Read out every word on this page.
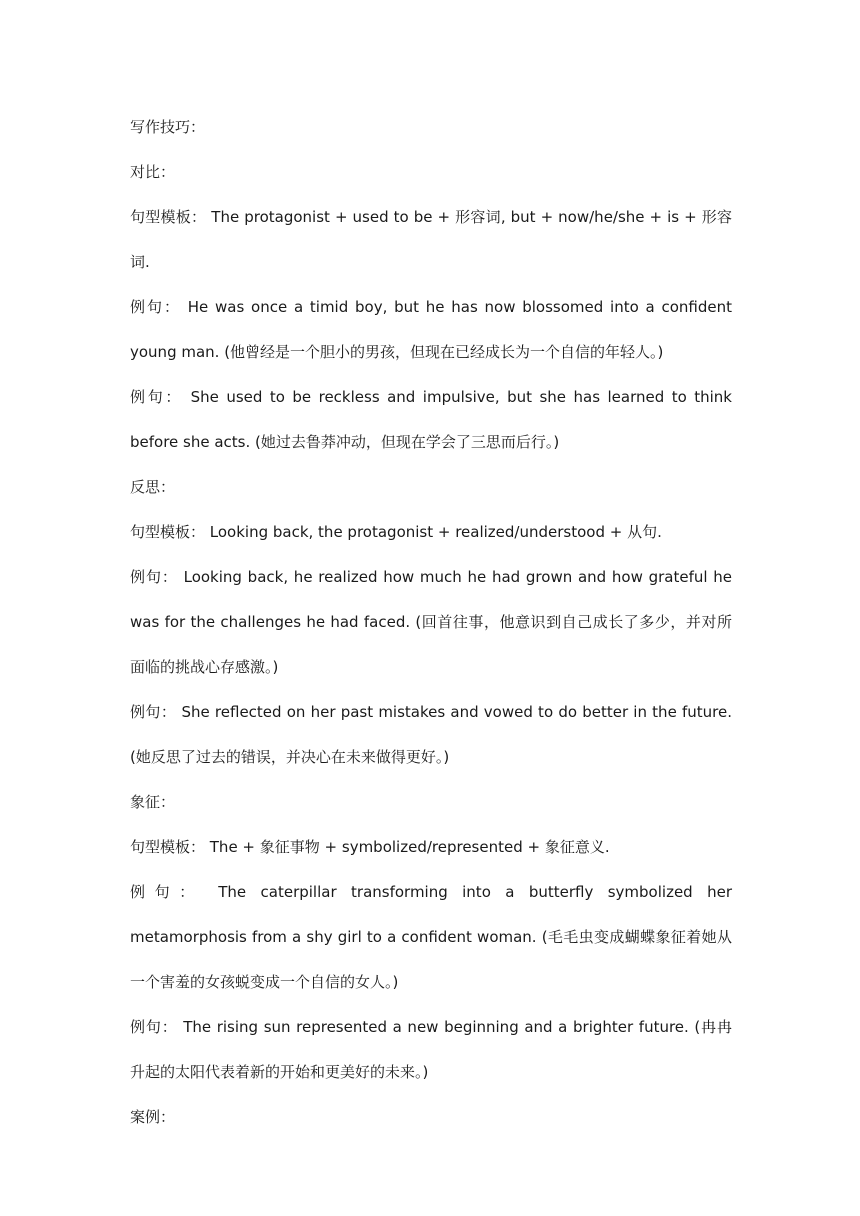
写作技巧：

对比：

句型模板： The protagonist + used to be + 形容词, but + now/he/she + is + 形容词.

例句： He was once a timid boy, but he has now blossomed into a confident young man. (他曾经是一个胆小的男孩，但现在已经成长为一个自信的年轻人。)

例句： She used to be reckless and impulsive, but she has learned to think before she acts. (她过去鲁莽冲动，但现在学会了三思而后行。)

反思：

句型模板： Looking back, the protagonist + realized/understood + 从句.

例句： Looking back, he realized how much he had grown and how grateful he was for the challenges he had faced. (回首往事，他意识到自己成长了多少，并对所面临的挑战心存感激。)

例句： She reflected on her past mistakes and vowed to do better in the future. (她反思了过去的错误，并决心在未来做得更好。)

象征：

句型模板： The + 象征事物 + symbolized/represented + 象征意义.

例句： The caterpillar transforming into a butterfly symbolized her metamorphosis from a shy girl to a confident woman. (毛毛虫变成蝴蝶象征着她从一个害羞的女孩蜕变成一个自信的女人。)

例句： The rising sun represented a new beginning and a brighter future. (冉冉升起的太阳代表着新的开始和更美好的未来。)

案例：
